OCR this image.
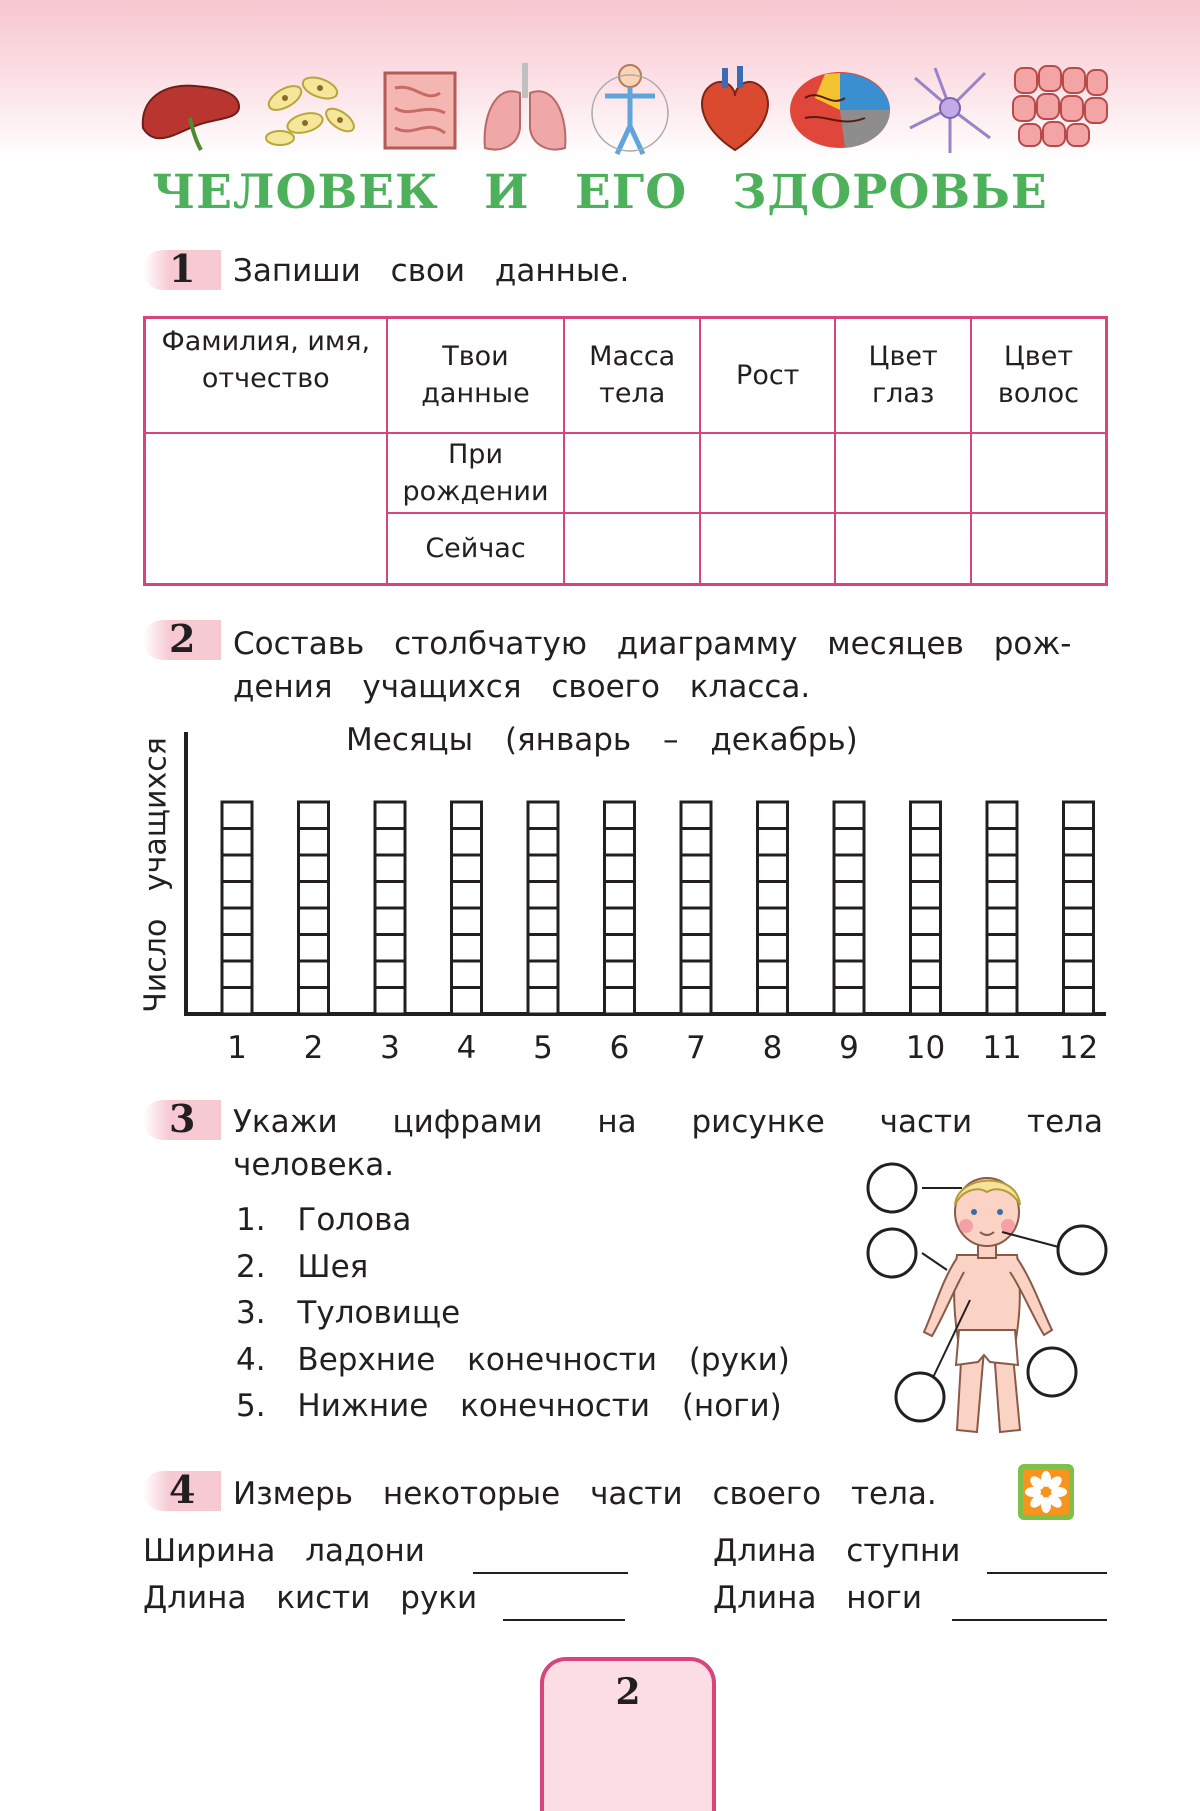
ЧЕЛОВЕК И ЕГО ЗДОРОВЬЕ
1 Запиши свои данные.
Фамилия, имя, отчество	Твои данные	Масса тела	Рост	Цвет глаз	Цвет волос
	При рождении				
	Сейчас				
2 Составь столбчатую диаграмму месяцев рож-
дения учащихся своего класса.
Месяцы (январь – декабрь)
Число учащихся
1 2 3 4 5 6 7 8 9 10 11 12
3 Укажи цифрами на рисунке части тела
человека.
1. Голова
2. Шея
3. Туловище
4. Верхние конечности (руки)
5. Нижние конечности (ноги)
4 Измерь некоторые части своего тела.
Ширина ладони
Длина кисти руки
Длина ступни
Длина ноги
2
